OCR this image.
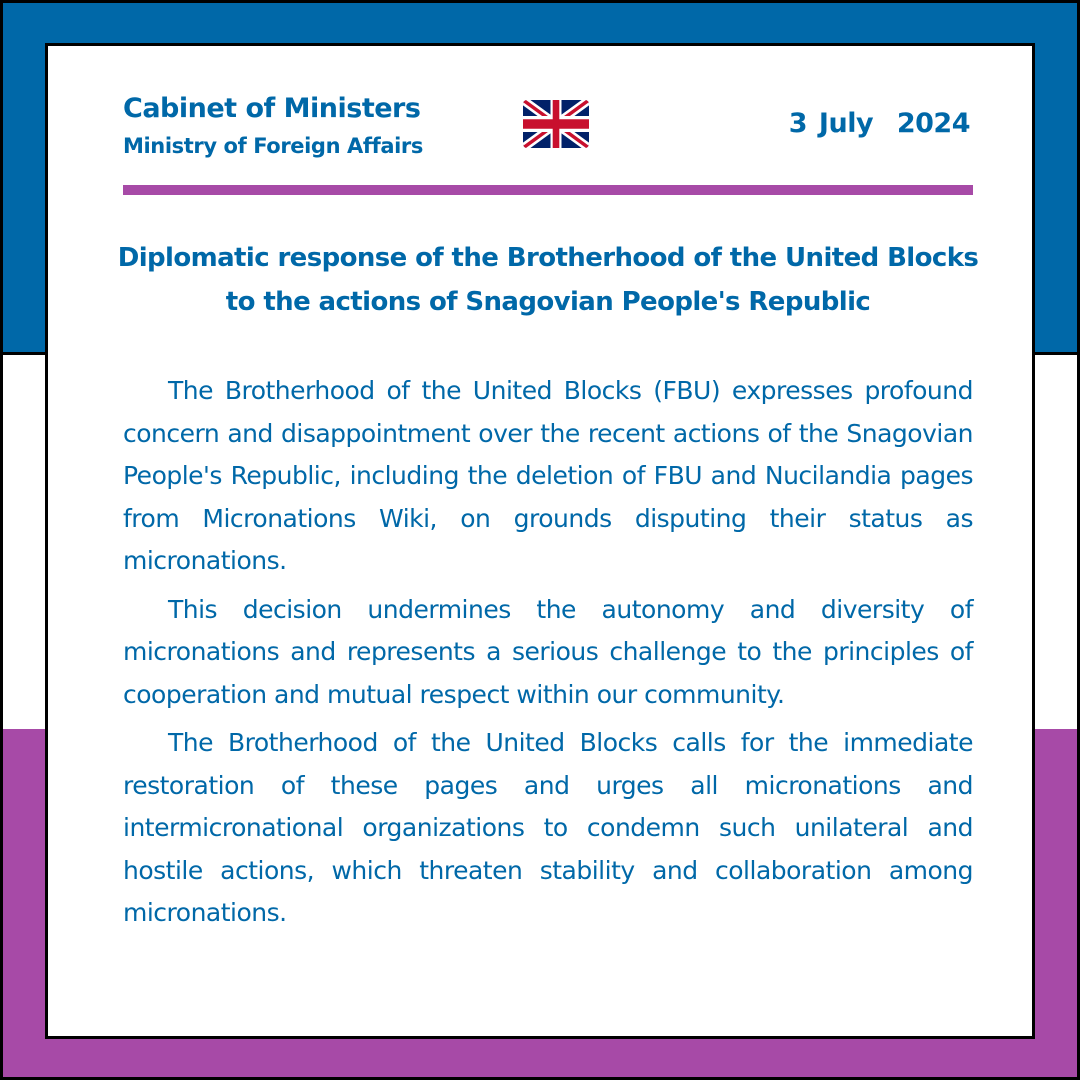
Cabinet of Ministers
Ministry of Foreign Affairs
3 July  2024
Diplomatic response of the Brotherhood of the United Blocks to the actions of Snagovian People's Republic

The Brotherhood of the United Blocks (FBU) expresses profound concern and disappointment over the recent actions of the Snagovian People's Republic, including the deletion of FBU and Nucilandia pages from Micronations Wiki, on grounds disputing their status as micronations.

This decision undermines the autonomy and diversity of micronations and represents a serious challenge to the principles of cooperation and mutual respect within our community.

The Brotherhood of the United Blocks calls for the immediate restoration of these pages and urges all micronations and intermicronational organizations to condemn such unilateral and hostile actions, which threaten stability and collaboration among micronations.
